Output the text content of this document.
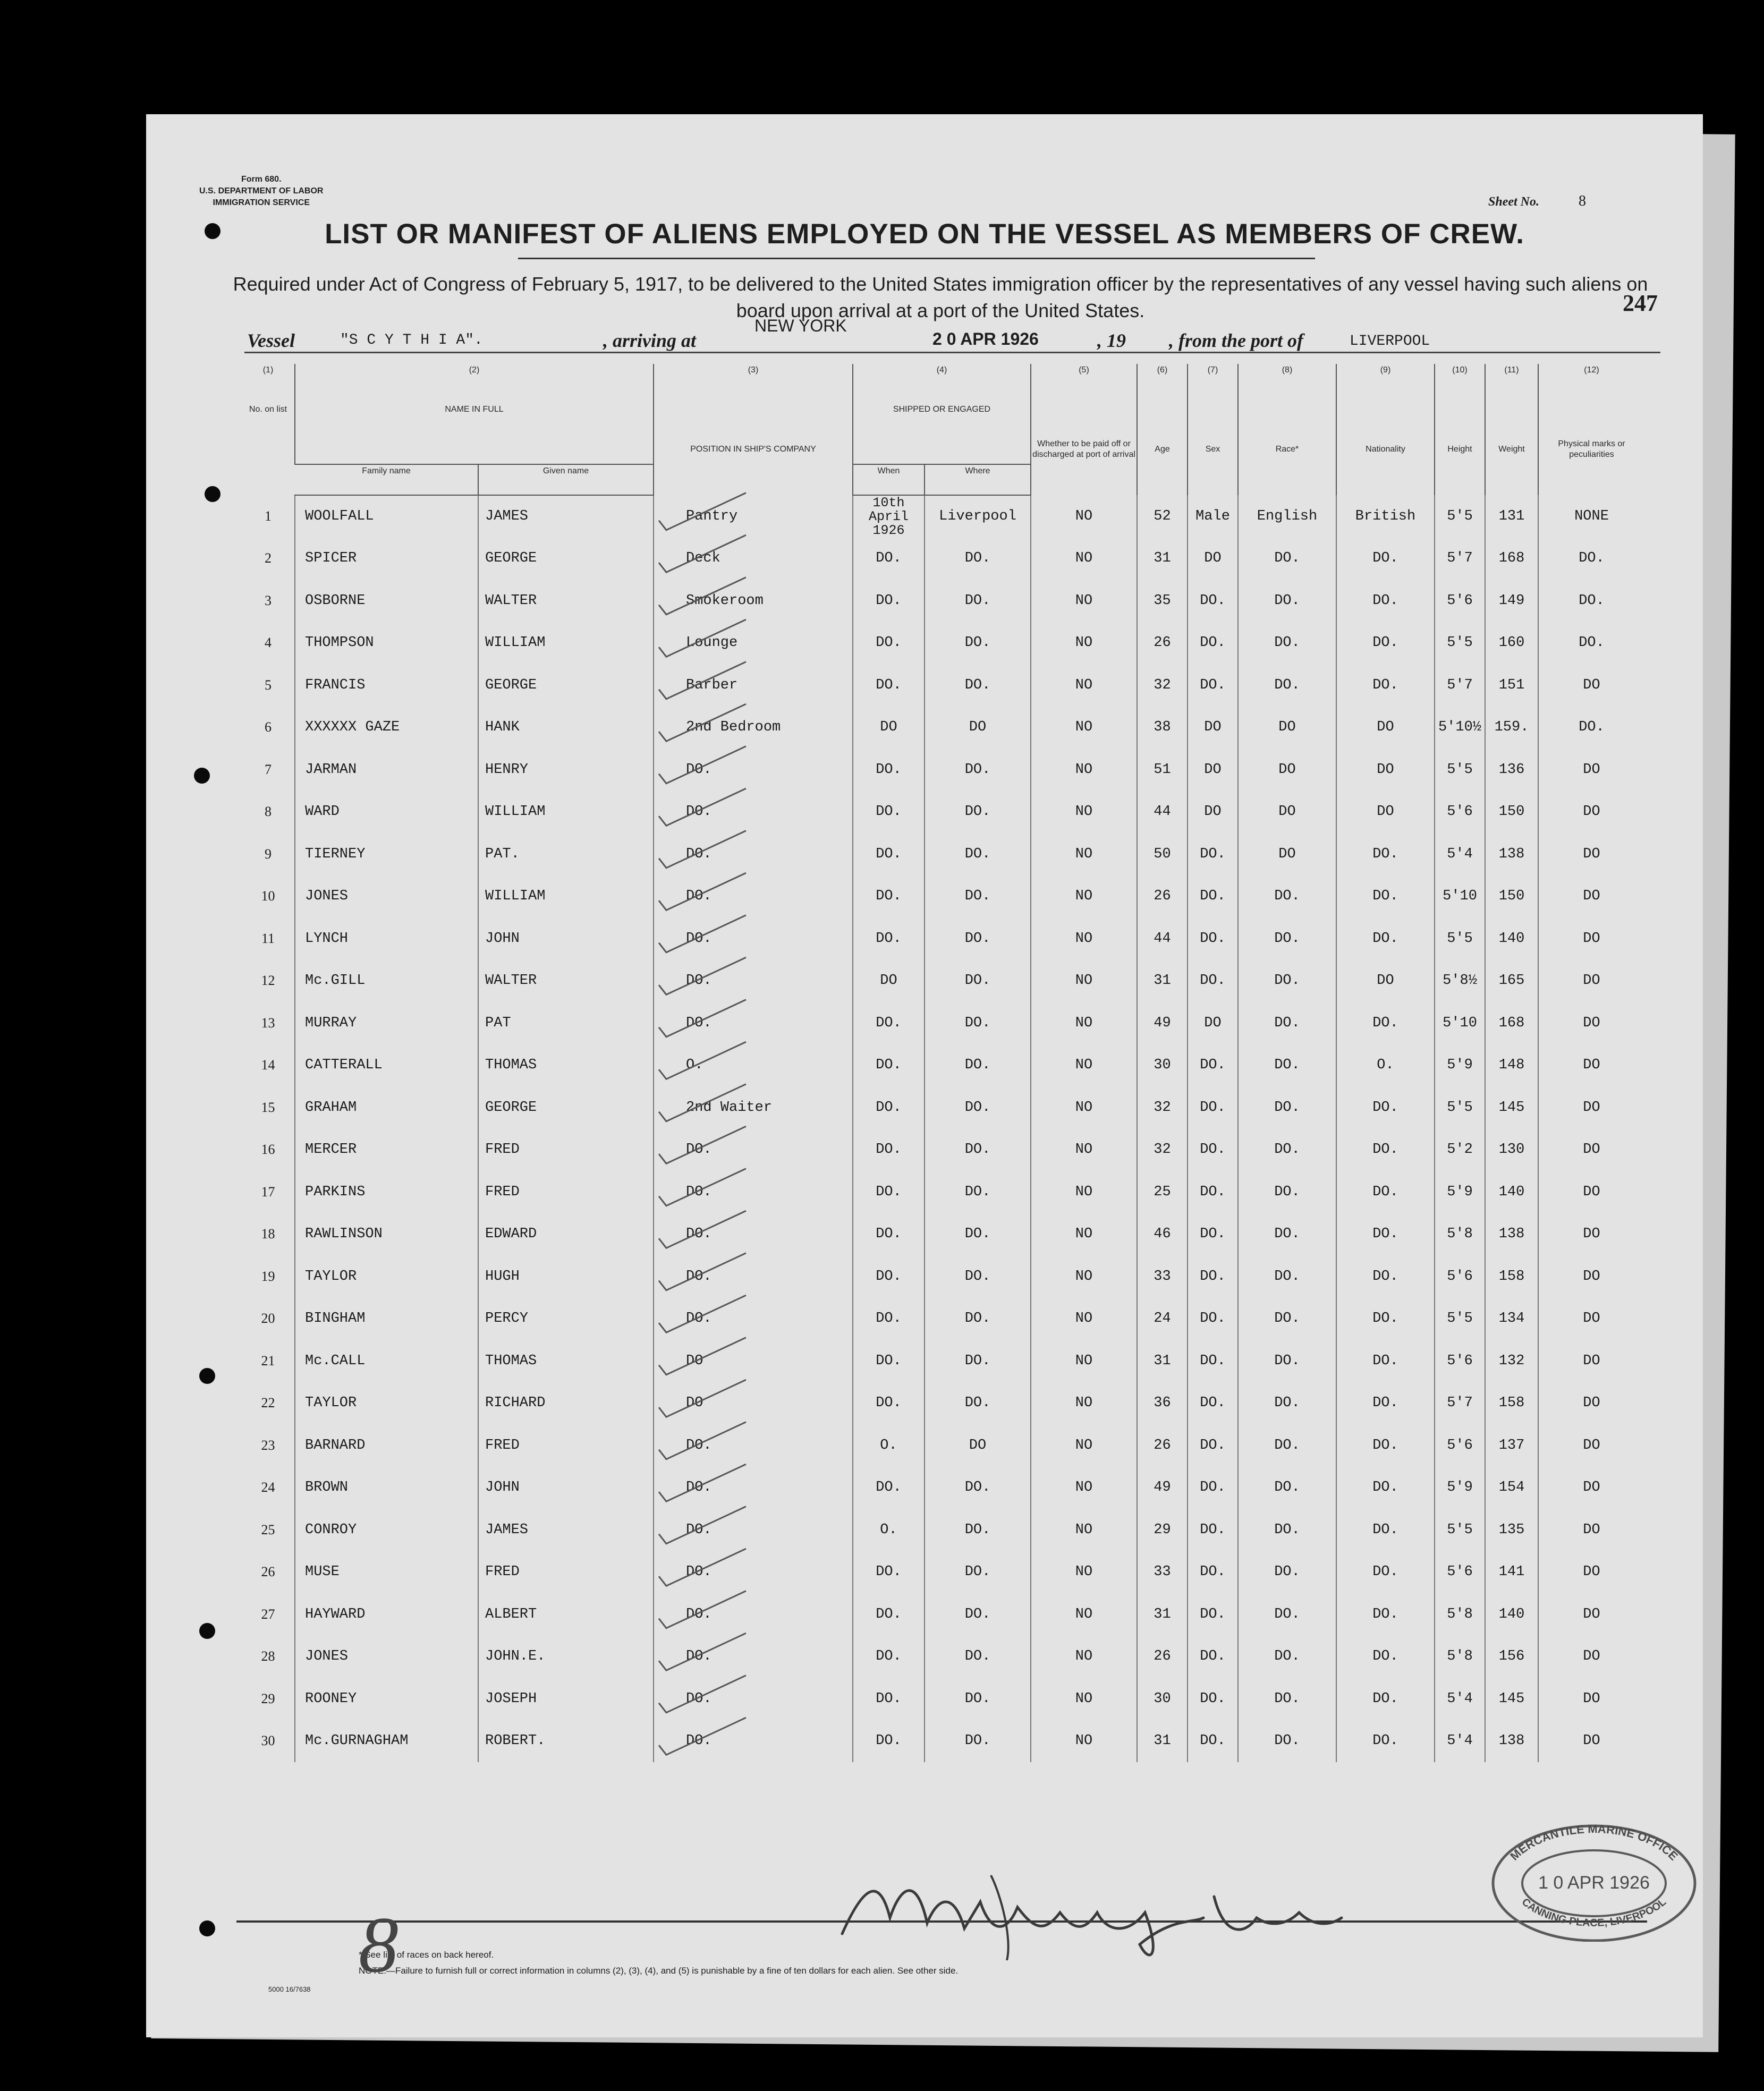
Form 680.
U.S. DEPARTMENT OF LABOR
IMMIGRATION SERVICE	Sheet No.	8
LIST OR MANIFEST OF ALIENS EMPLOYED ON THE VESSEL AS MEMBERS OF CREW.
Required under Act of Congress of February 5, 1917, to be delivered to the United States immigration officer by the representatives of any vessel having such aliens on board upon arrival at a port of the United States.	247
Vessel	"S C Y T H I A".	, arriving at
NEW YORK
2 0 APR 1926	, 19 , from the port of	LIVERPOOL
(1)	(2)		(3)	(4)		(5)	(6)	(7)	(8)	(9)	(10)	(11)	(12)
No. on list	NAME IN FULL		POSITION IN SHIP'S COMPANY	SHIPPED OR ENGAGED		Whether to be paid off or discharged at port of arrival	Age	Sex	Race*	Nationality	Height	Weight	Physical marks or peculiarities
	Family name	Given name		When	Where								
1	WOOLFALL	JAMES	Pantry	10th April 1926	Liverpool	NO	52	Male	English	British	5'5	131	NONE
2	SPICER	GEORGE	Deck	DO.	DO.	NO	31	DO	DO.	DO.	5'7	168	DO.
3	OSBORNE	WALTER	Smokeroom	DO.	DO.	NO	35	DO.	DO.	DO.	5'6	149	DO.
4	THOMPSON	WILLIAM	Lounge	DO.	DO.	NO	26	DO.	DO.	DO.	5'5	160	DO.
5	FRANCIS	GEORGE	Barber	DO.	DO.	NO	32	DO.	DO.	DO.	5'7	151	DO
6	XXXXXX GAZE	HANK	2nd Bedroom	DO	DO	NO	38	DO	DO	DO	5'10½	159.	DO.
7	JARMAN	HENRY	DO.	DO.	DO.	NO	51	DO	DO	DO	5'5	136	DO
8	WARD	WILLIAM	DO.	DO.	DO.	NO	44	DO	DO	DO	5'6	150	DO
9	TIERNEY	PAT.	DO.	DO.	DO.	NO	50	DO.	DO	DO.	5'4	138	DO
10	JONES	WILLIAM	DO.	DO.	DO.	NO	26	DO.	DO.	DO.	5'10	150	DO
11	LYNCH	JOHN	DO.	DO.	DO.	NO	44	DO.	DO.	DO.	5'5	140	DO
12	Mc.GILL	WALTER	DO.	DO	DO.	NO	31	DO.	DO.	DO	5'8½	165	DO
13	MURRAY	PAT	DO.	DO.	DO.	NO	49	DO	DO.	DO.	5'10	168	DO
14	CATTERALL	THOMAS	O.	DO.	DO.	NO	30	DO.	DO.	O.	5'9	148	DO
15	GRAHAM	GEORGE	2nd Waiter	DO.	DO.	NO	32	DO.	DO.	DO.	5'5	145	DO
16	MERCER	FRED	DO.	DO.	DO.	NO	32	DO.	DO.	DO.	5'2	130	DO
17	PARKINS	FRED	DO.	DO.	DO.	NO	25	DO.	DO.	DO.	5'9	140	DO
18	RAWLINSON	EDWARD	DO.	DO.	DO.	NO	46	DO.	DO.	DO.	5'8	138	DO
19	TAYLOR	HUGH	DO.	DO.	DO.	NO	33	DO.	DO.	DO.	5'6	158	DO
20	BINGHAM	PERCY	DO.	DO.	DO.	NO	24	DO.	DO.	DO.	5'5	134	DO
21	Mc.CALL	THOMAS	DO	DO.	DO.	NO	31	DO.	DO.	DO.	5'6	132	DO
22	TAYLOR	RICHARD	DO	DO.	DO.	NO	36	DO.	DO.	DO.	5'7	158	DO
23	BARNARD	FRED	DO.	O.	DO	NO	26	DO.	DO.	DO.	5'6	137	DO
24	BROWN	JOHN	DO.	DO.	DO.	NO	49	DO.	DO.	DO.	5'9	154	DO
25	CONROY	JAMES	DO.	O.	DO.	NO	29	DO.	DO.	DO.	5'5	135	DO
26	MUSE	FRED	DO.	DO.	DO.	NO	33	DO.	DO.	DO.	5'6	141	DO
27	HAYWARD	ALBERT	DO.	DO.	DO.	NO	31	DO.	DO.	DO.	5'8	140	DO
28	JONES	JOHN.E.	DO.	DO.	DO.	NO	26	DO.	DO.	DO.	5'8	156	DO
29	ROONEY	JOSEPH	DO.	DO.	DO.	NO	30	DO.	DO.	DO.	5'4	145	DO
30	Mc.GURNAGHAM	ROBERT.	DO.	DO.	DO.	NO	31	DO.	DO.	DO.	5'4	138	DO
* See list of races on back hereof.
NOTE.—Failure to furnish full or correct information in columns (2), (3), (4), and (5) is punishable by a fine of ten dollars for each alien. See other side.
5000 16/7638
8
MERCANTILE MARINE OFFICE
1 0 APR 1926
CANNING PLACE, LIVERPOOL
